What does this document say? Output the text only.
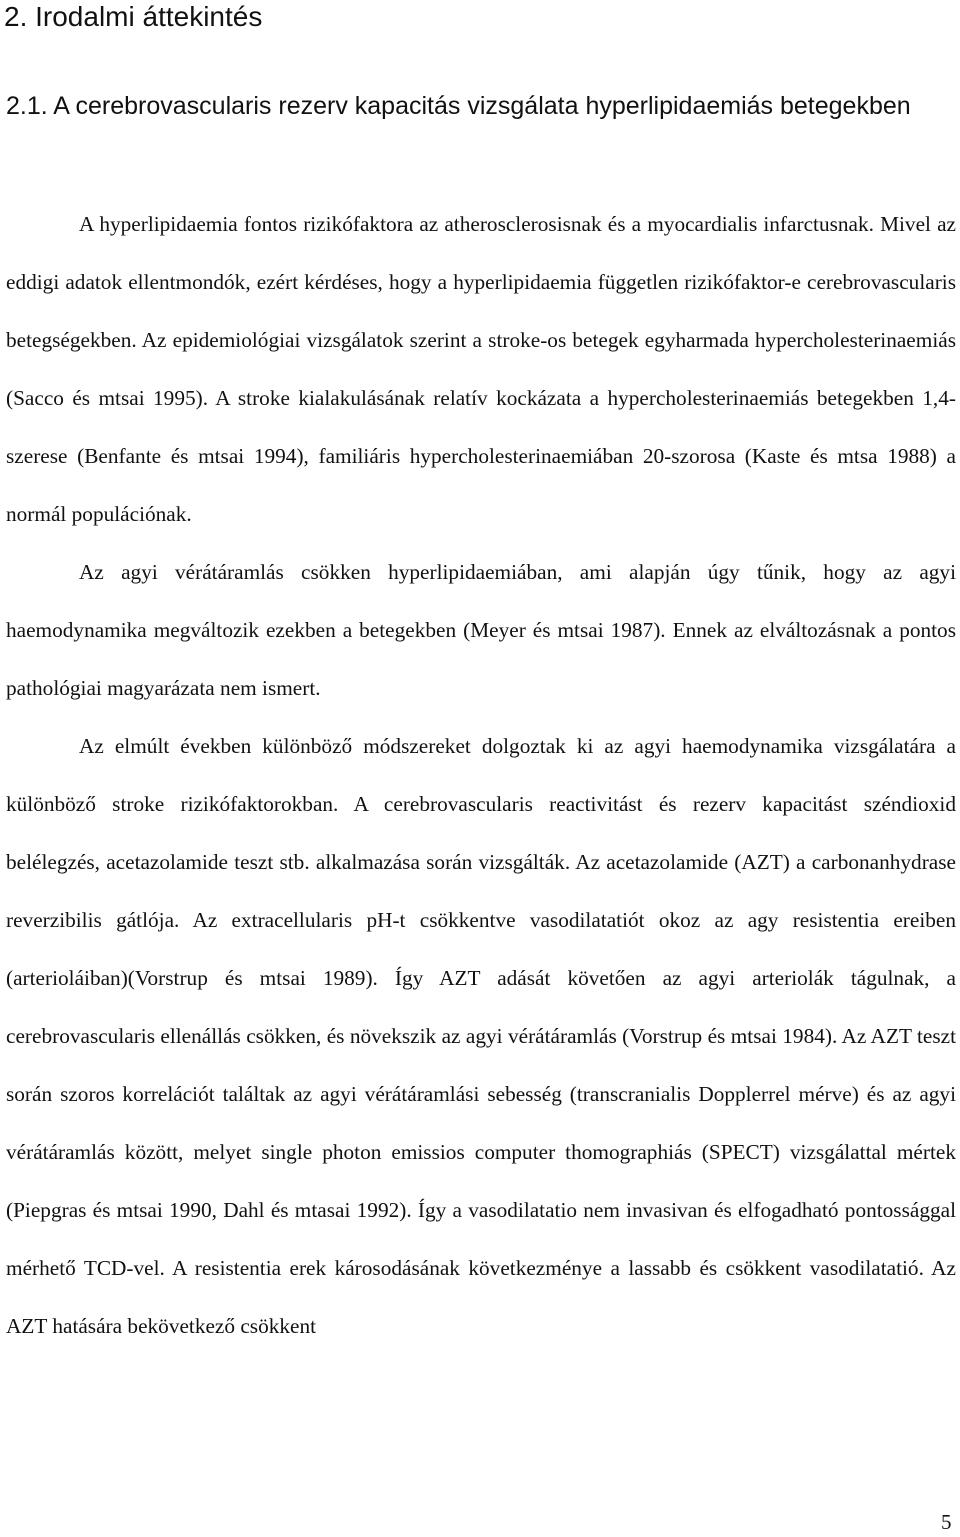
2. Irodalmi áttekintés
2.1. A cerebrovascularis rezerv kapacitás vizsgálata hyperlipidaemiás betegekben

A hyperlipidaemia fontos rizikófaktora az atherosclerosisnak és a myocardialis infarctusnak. Mivel az eddigi adatok ellentmondók, ezért kérdéses, hogy a hyperlipidaemia független rizikófaktor-e cerebrovascularis betegségekben. Az epidemiológiai vizsgálatok szerint a stroke-os betegek egyharmada hypercholesterinaemiás (Sacco és mtsai 1995). A stroke kialakulásának relatív kockázata a hypercholesterinaemiás betegekben 1,4-szerese (Benfante és mtsai 1994), familiáris hypercholesterinaemiában 20-szorosa (Kaste és mtsa 1988) a normál populációnak.

Az agyi vérátáramlás csökken hyperlipidaemiában, ami alapján úgy tűnik, hogy az agyi haemodynamika megváltozik ezekben a betegekben (Meyer és mtsai 1987). Ennek az elváltozásnak a pontos pathológiai magyarázata nem ismert.

Az elmúlt években különböző módszereket dolgoztak ki az agyi haemodynamika vizsgálatára a különböző stroke rizikófaktorokban. A cerebrovascularis reactivitást és rezerv kapacitást széndioxid belélegzés, acetazolamide teszt stb. alkalmazása során vizsgálták. Az acetazolamide (AZT) a carbonanhydrase reverzibilis gátlója. Az extracellularis pH-t csökkentve vasodilatatiót okoz az agy resistentia ereiben (arterioláiban)(Vorstrup és mtsai 1989). Így AZT adását követően az agyi arteriolák tágulnak, a cerebrovascularis ellenállás csökken, és növekszik az agyi vérátáramlás (Vorstrup és mtsai 1984). Az AZT teszt során szoros korrelációt találtak az agyi vérátáramlási sebesség (transcranialis Dopplerrel mérve) és az agyi vérátáramlás között, melyet single photon emissios computer thomographiás (SPECT) vizsgálattal mértek (Piepgras és mtsai 1990, Dahl és mtasai 1992). Így a vasodilatatio nem invasivan és elfogadható pontossággal mérhető TCD-vel. A resistentia erek károsodásának következménye a lassabb és csökkent vasodilatatió. Az AZT hatására bekövetkező csökkent

5
